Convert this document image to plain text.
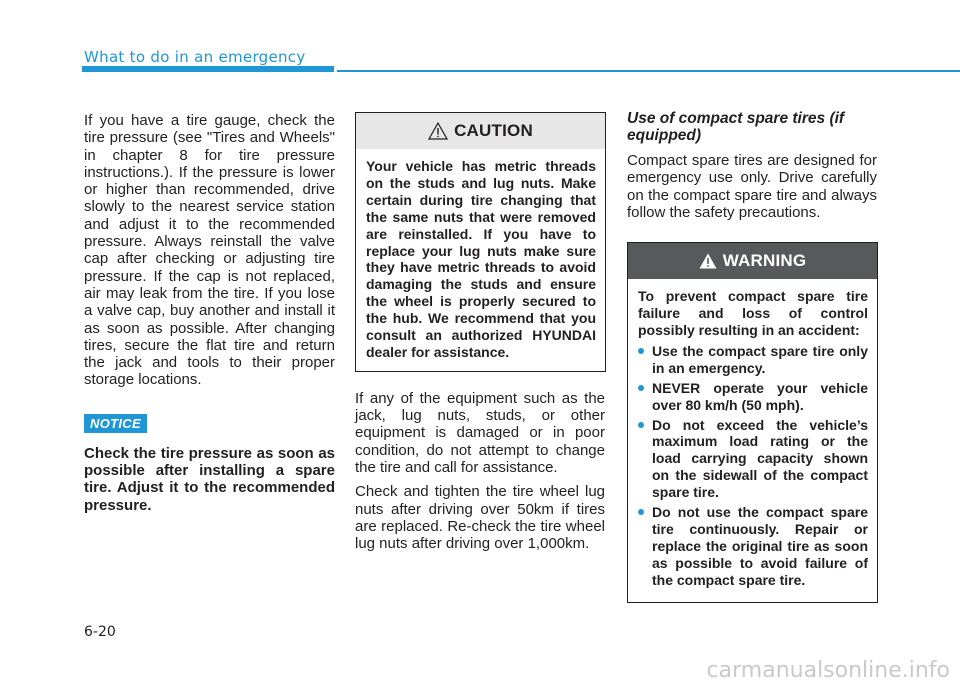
What to do in an emergency

If you have a tire gauge, check the tire pressure (see "Tires and Wheels" in chapter 8 for tire pressure instructions.). If the pressure is lower or higher than recommended, drive slowly to the nearest service station and adjust it to the recommended pressure. Always reinstall the valve cap after checking or adjusting tire pressure. If the cap is not replaced, air may leak from the tire. If you lose a valve cap, buy another and install it as soon as possible. After changing tires, secure the flat tire and return the jack and tools to their proper storage locations.

NOTICE

Check the tire pressure as soon as possible after installing a spare tire. Adjust it to the recommended pressure.

CAUTION

Your vehicle has metric threads on the studs and lug nuts. Make certain during tire changing that the same nuts that were removed are reinstalled. If you have to replace your lug nuts make sure they have metric threads to avoid damaging the studs and ensure the wheel is properly secured to the hub. We recommend that you consult an authorized HYUNDAI dealer for assistance.

If any of the equipment such as the jack, lug nuts, studs, or other equipment is damaged or in poor condition, do not attempt to change the tire and call for assistance.

Check and tighten the tire wheel lug nuts after driving over 50km if tires are replaced. Re-check the tire wheel lug nuts after driving over 1,000km.

Use of compact spare tires (if equipped)

Compact spare tires are designed for emergency use only. Drive carefully on the compact spare tire and always follow the safety precautions.

WARNING

To prevent compact spare tire failure and loss of control possibly resulting in an accident:

Use the compact spare tire only in an emergency.
NEVER operate your vehicle over 80 km/h (50 mph).
Do not exceed the vehicle’s maximum load rating or the load carrying capacity shown on the sidewall of the compact spare tire.
Do not use the compact spare tire continuously. Repair or replace the original tire as soon as possible to avoid failure of the compact spare tire.
6-20
carmanualsonline.info
